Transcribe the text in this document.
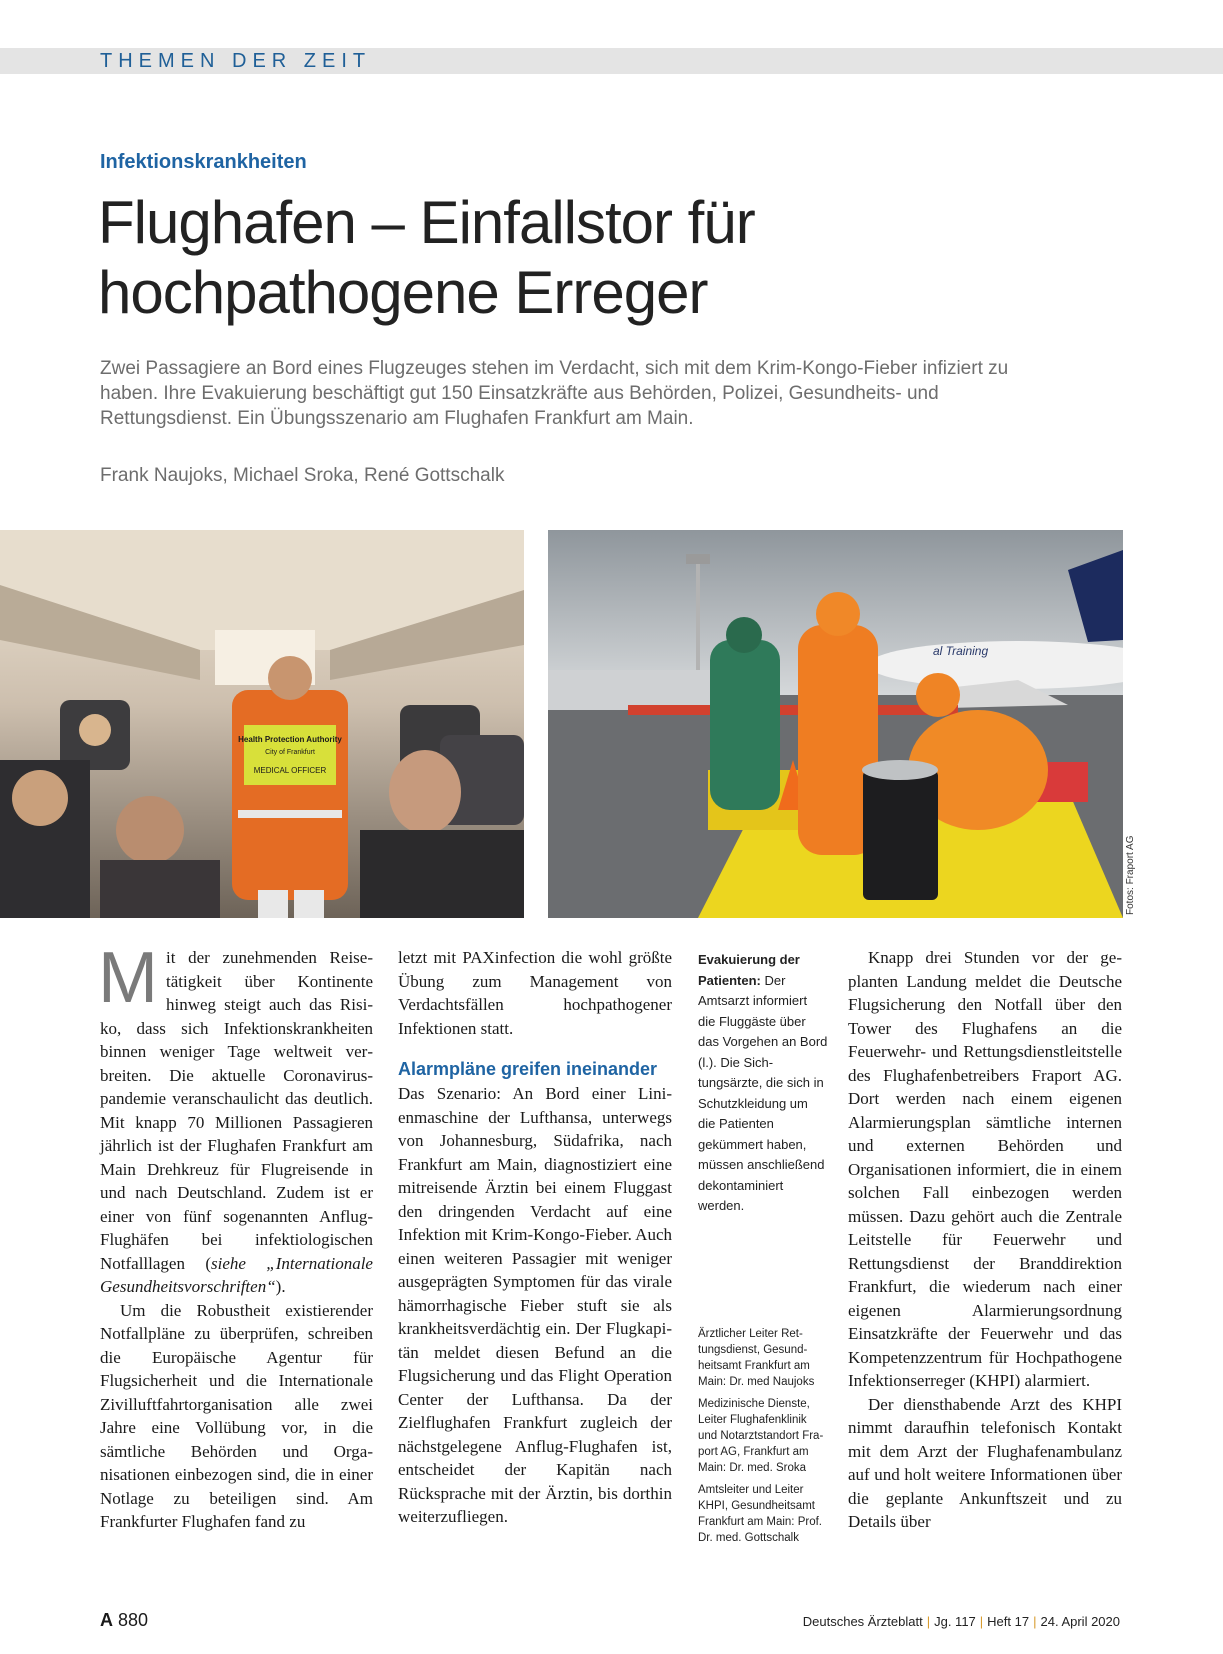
THEMEN DER ZEIT
Infektionskrankheiten
Flughafen – Einfallstor für
hochpathogene Erreger
Zwei Passagiere an Bord eines Flugzeuges stehen im Verdacht, sich mit dem Krim-Kongo-Fieber infiziert zu haben. Ihre Evakuierung beschäftigt gut 150 Einsatzkräfte aus Behörden, Polizei, Gesundheits- und Rettungsdienst. Ein Übungsszenario am Flughafen Frankfurt am Main.
Frank Naujoks, Michael Sroka, René Gottschalk
Health Protection Authority
City of Frankfurt
MEDICAL OFFICER
al Training
Fotos: Fraport AG

M it der zunehmenden Reisetätigkeit über Kontinente hinweg steigt auch das Risiko, dass sich Infektionskrankheiten binnen weniger Tage weltweit verbreiten. Die aktuelle Coronaviruspandemie veranschaulicht das deutlich. Mit knapp 70 Millionen Passagieren jährlich ist der Flughafen Frankfurt am Main Drehkreuz für Flugreisende in und nach Deutschland. Zudem ist er einer von fünf sogenannten Anflug-Flughäfen bei infektiologischen Notfalllagen (siehe „Internationale Gesundheitsvorschriften“).

Um die Robustheit existierender Notfallpläne zu überprüfen, schreiben die Europäische Agentur für Flugsicherheit und die Internationale Zivilluftfahrtorganisation alle zwei Jahre eine Vollübung vor, in die sämtliche Behörden und Organisationen einbezogen sind, die in einer Notlage zu beteiligen sind. Am Frankfurter Flughafen fand zu

letzt mit PAXinfection die wohl größte Übung zum Management von Verdachtsfällen hochpathogener Infektionen statt.

Alarmpläne greifen ineinander

Das Szenario: An Bord einer Linienmaschine der Lufthansa, unterwegs von Johannesburg, Südafrika, nach Frankfurt am Main, diagnostiziert eine mitreisende Ärztin bei einem Fluggast den dringenden Verdacht auf eine Infektion mit Krim-Kongo-Fieber. Auch einen weiteren Passagier mit weniger ausgeprägten Symptomen für das virale hämorrhagische Fieber stuft sie als krankheitsverdächtig ein. Der Flugkapitän meldet diesen Befund an die Flugsicherung und das Flight Operation Center der Lufthansa. Da der Zielflughafen Frankfurt zugleich der nächstgelegene Anflug-Flughafen ist, entscheidet der Kapitän nach Rücksprache mit der Ärztin, bis dorthin weiterzufliegen.

Evakuierung der Patienten: Der Amtsarzt informiert die Fluggäste über das Vorgehen an Bord (l.). Die Sichtungsärzte, die sich in Schutzkleidung um die Patienten gekümmert haben, müssen anschließend dekontaminiert werden.
Ärztlicher Leiter Rettungsdienst, Gesundheitsamt Frankfurt am Main: Dr. med Naujoks
Medizinische Dienste, Leiter Flughafenklinik und Notarztstandort Fraport AG, Frankfurt am Main: Dr. med. Sroka
Amtsleiter und Leiter KHPI, Gesundheitsamt Frankfurt am Main: Prof. Dr. med. Gottschalk

Knapp drei Stunden vor der geplanten Landung meldet die Deutsche Flugsicherung den Notfall über den Tower des Flughafens an die Feuerwehr- und Rettungsdienstleitstelle des Flughafenbetreibers Fraport AG. Dort werden nach einem eigenen Alarmierungsplan sämtliche internen und externen Behörden und Organisationen informiert, die in einem solchen Fall einbezogen werden müssen. Dazu gehört auch die Zentrale Leitstelle für Feuerwehr und Rettungsdienst der Branddirektion Frankfurt, die wiederum nach einer eigenen Alarmierungsordnung Einsatzkräfte der Feuerwehr und das Kompetenzzentrum für Hochpathogene Infektionserreger (KHPI) alarmiert.

Der diensthabende Arzt des KHPI nimmt daraufhin telefonisch Kontakt mit dem Arzt der Flughafenambulanz auf und holt weitere Informationen über die geplante Ankunftszeit und zu Details über

A 880	Deutsches Ärzteblatt | Jg. 117 | Heft 17 | 24. April 2020
